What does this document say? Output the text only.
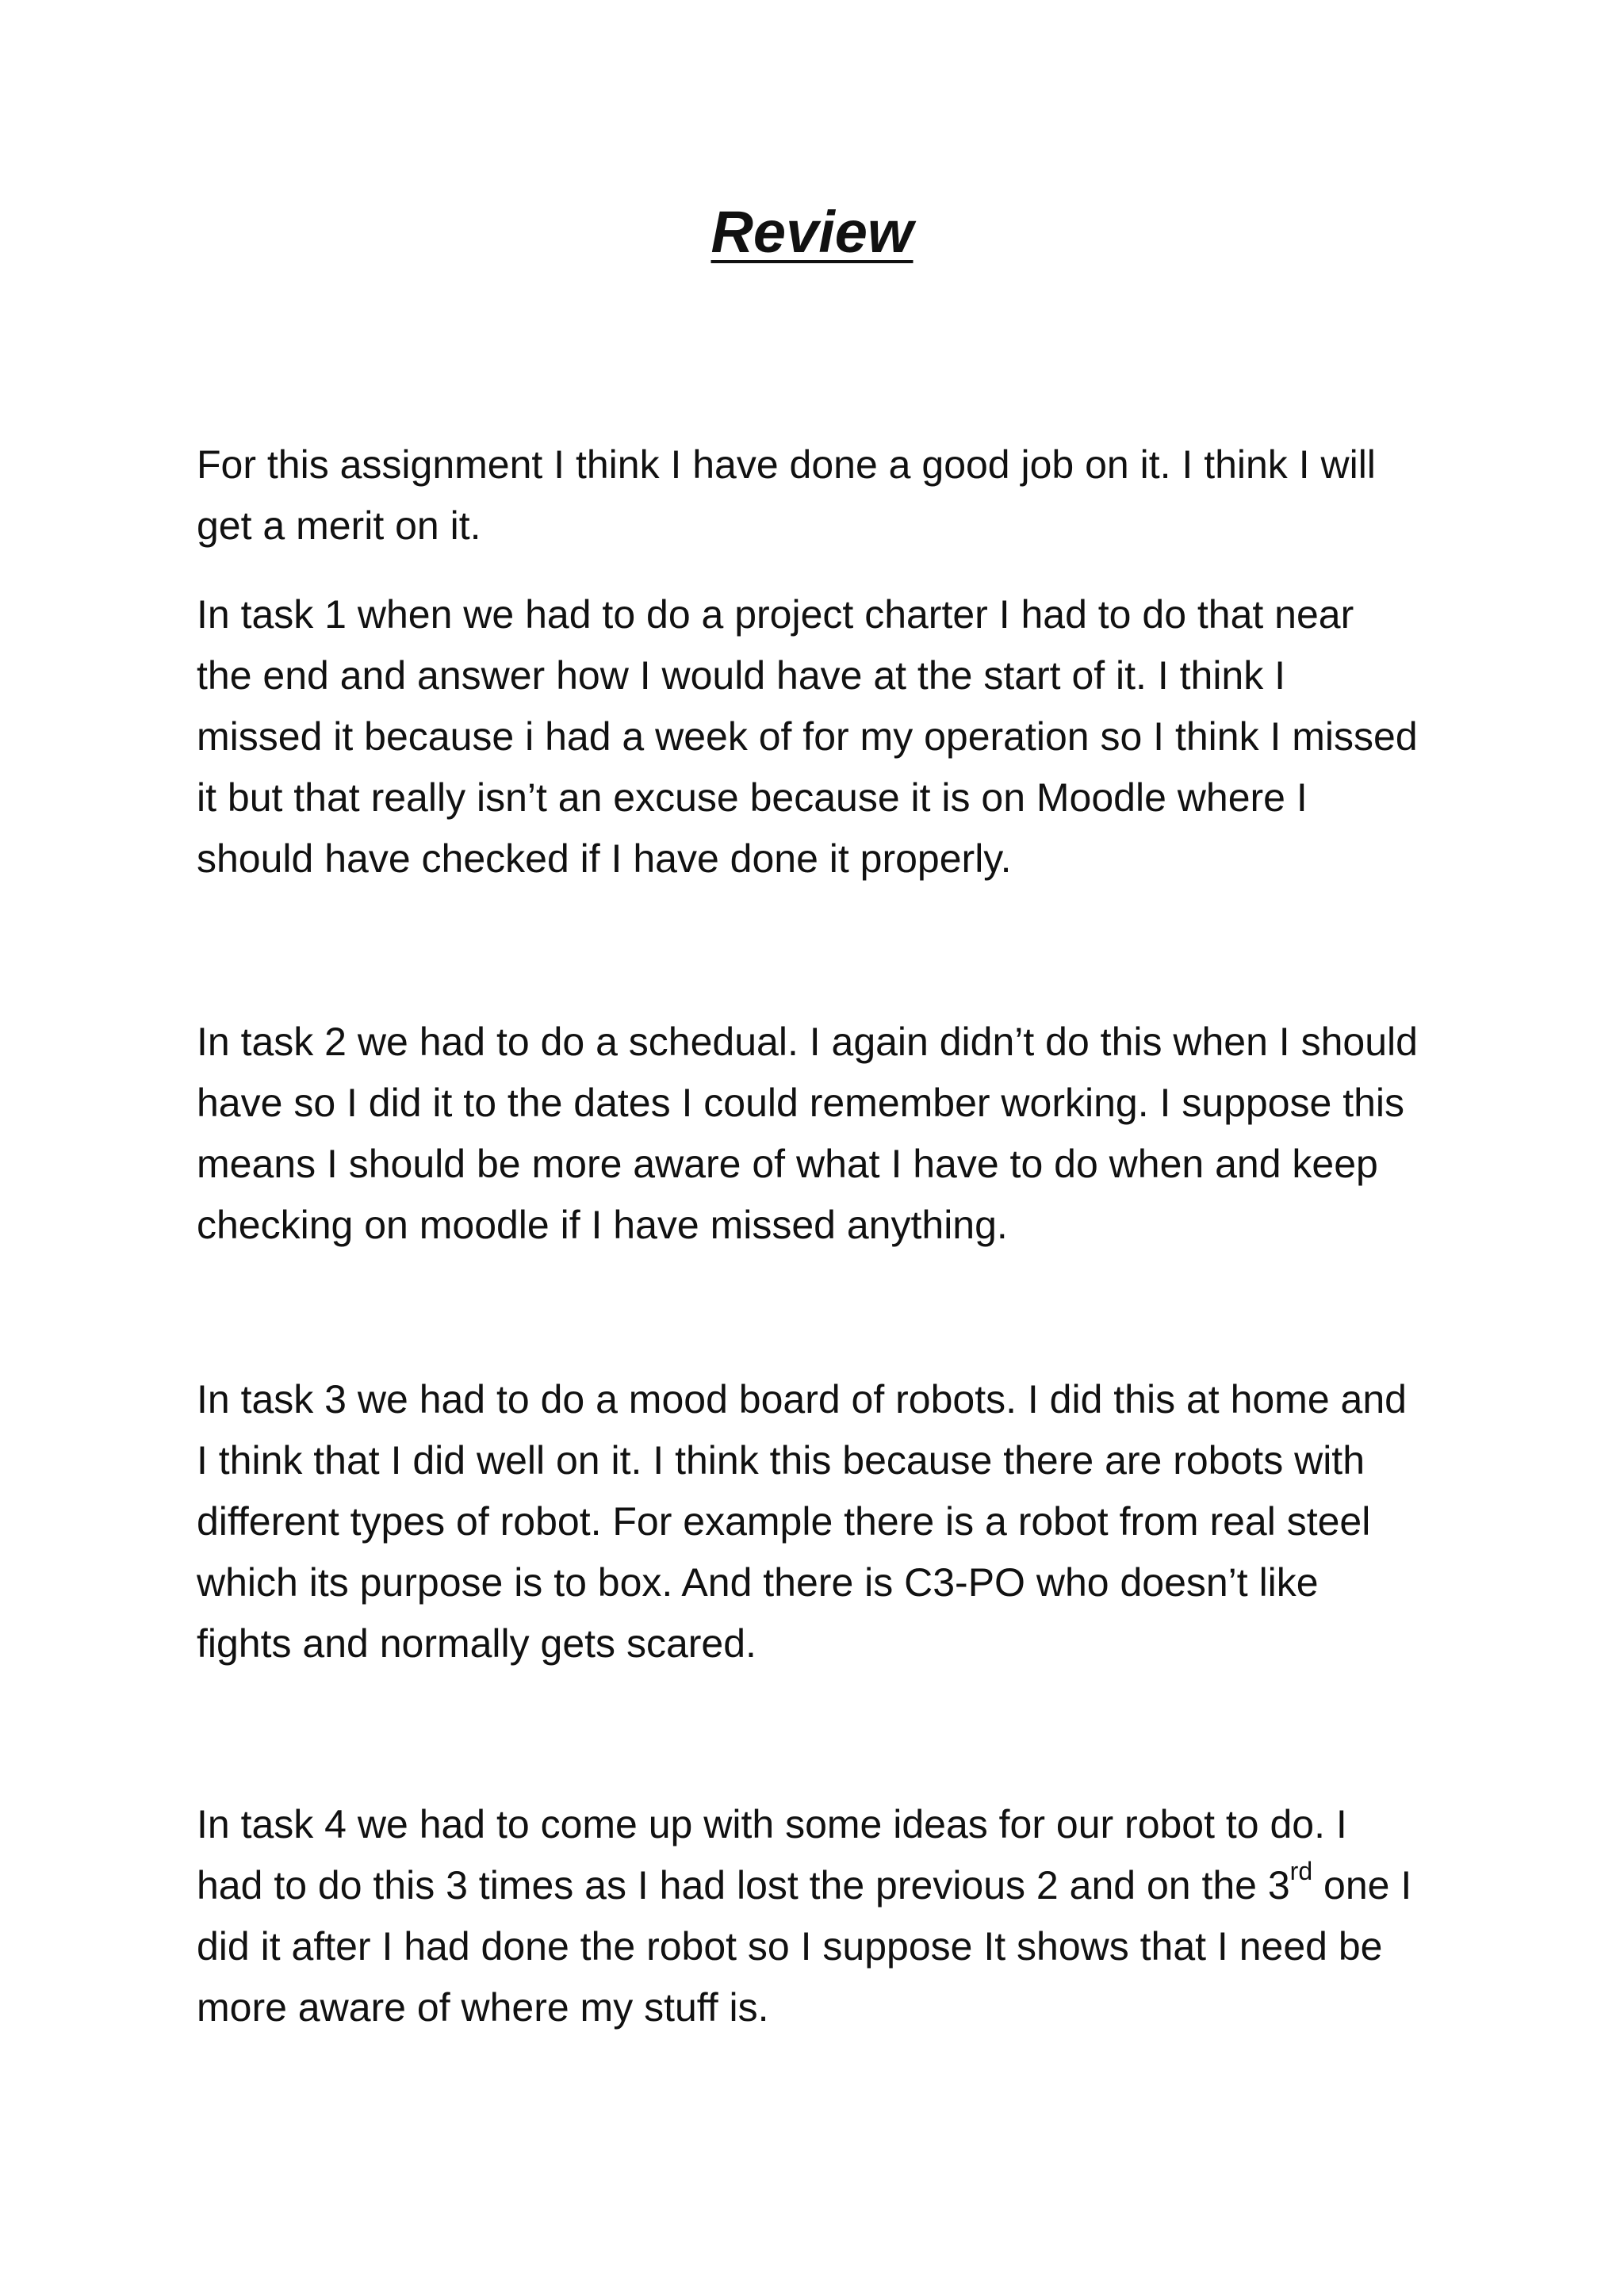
Review

For this assignment I think I have done a good job on it. I think I will
get a merit on it.

In task 1 when we had to do a project charter I had to do that near
the end and answer how I would have at the start of it. I think I
missed it because i had a week of for my operation so I think I missed
it but that really isn’t an excuse because it is on Moodle where I
should have checked if I have done it properly.

In task 2 we had to do a schedual. I again didn’t do this when I should
have so I did it to the dates I could remember working. I suppose this
means I should be more aware of what I have to do when and keep
checking on moodle if I have missed anything.

In task 3 we had to do a mood board of robots. I did this at home and
I think that I did well on it. I think this because there are robots with
different types of robot. For example there is a robot from real steel
which its purpose is to box. And there is C3-PO who doesn’t like
fights and normally gets scared.

In task 4 we had to come up with some ideas for our robot to do. I
had to do this 3 times as I had lost the previous 2 and on the 3rd one I
did it after I had done the robot so I suppose It shows that I need be
more aware of where my stuff is.
